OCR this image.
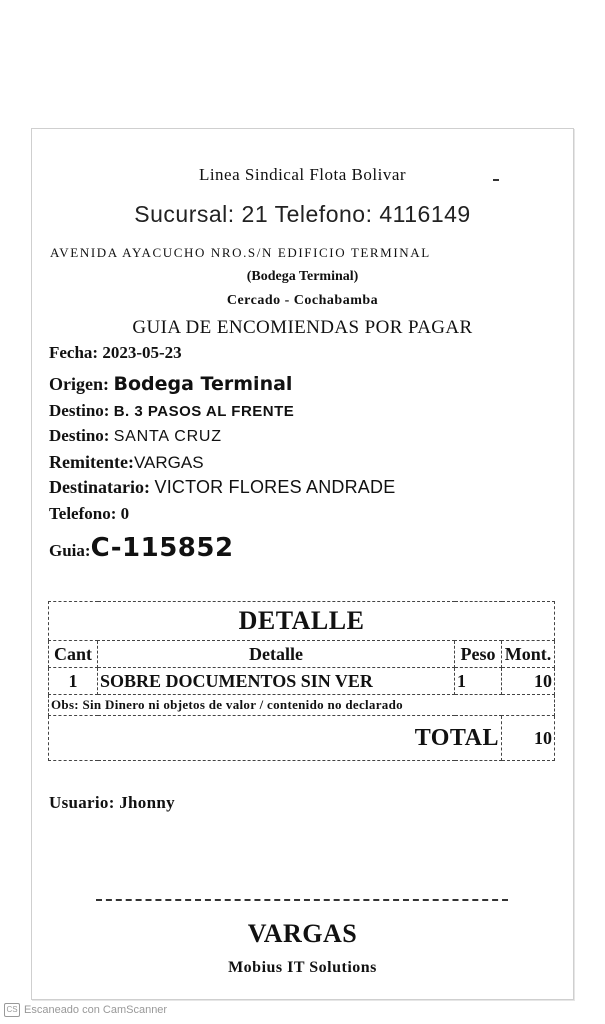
Linea Sindical Flota Bolivar
Sucursal: 21 Telefono: 4116149
AVENIDA AYACUCHO NRO.S/N EDIFICIO TERMINAL
(Bodega Terminal)
Cercado - Cochabamba
GUIA DE ENCOMIENDAS POR PAGAR
Fecha: 2023-05-23
Origen: Bodega Terminal
Destino: B. 3 PASOS AL FRENTE
Destino: SANTA CRUZ
Remitente:VARGAS
Destinatario: VICTOR FLORES ANDRADE
Telefono: 0
Guia:C-115852
DETALLE			
Cant	Detalle	Peso	Mont.
1	SOBRE DOCUMENTOS SIN VER	1	10
Obs: Sin Dinero ni objetos de valor / contenido no declarado			
TOTAL			10
Usuario: Jhonny
VARGAS
Mobius IT Solutions
CS Escaneado con CamScanner
